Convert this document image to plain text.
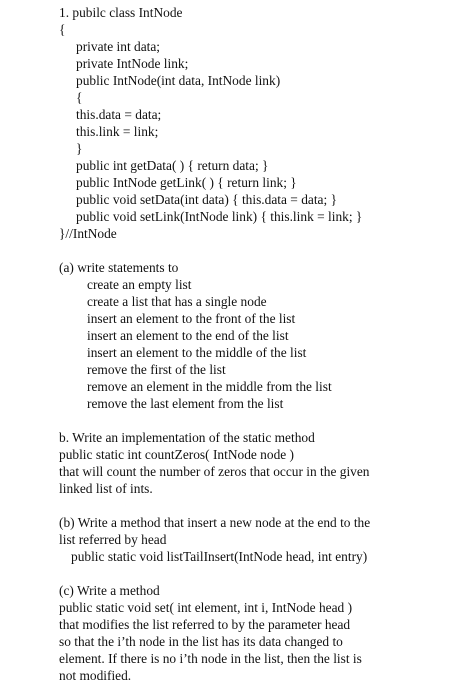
1. pubilc class IntNode
{
private int data;
private IntNode link;
public IntNode(int data, IntNode link)
{
this.data = data;
this.link = link;
}
public int getData( ) { return data; }
public IntNode getLink( ) { return link; }
public void setData(int data) { this.data = data; }
public void setLink(IntNode link) { this.link = link; }
}//IntNode
(a) write statements to
create an empty list
create a list that has a single node
insert an element to the front of the list
insert an element to the end of the list
insert an element to the middle of the list
remove the first of the list
remove an element in the middle from the list
remove the last element from the list
b. Write an implementation of the static method
public static int countZeros( IntNode node )
that will count the number of zeros that occur in the given
linked list of ints.
(b) Write a method that insert a new node at the end to the
list referred by head
public static void listTailInsert(IntNode head, int entry)
(c) Write a method
public static void set( int element, int i, IntNode head )
that modifies the list referred to by the parameter head
so that the i’th node in the list has its data changed to
element. If there is no i’th node in the list, then the list is
not modified.
